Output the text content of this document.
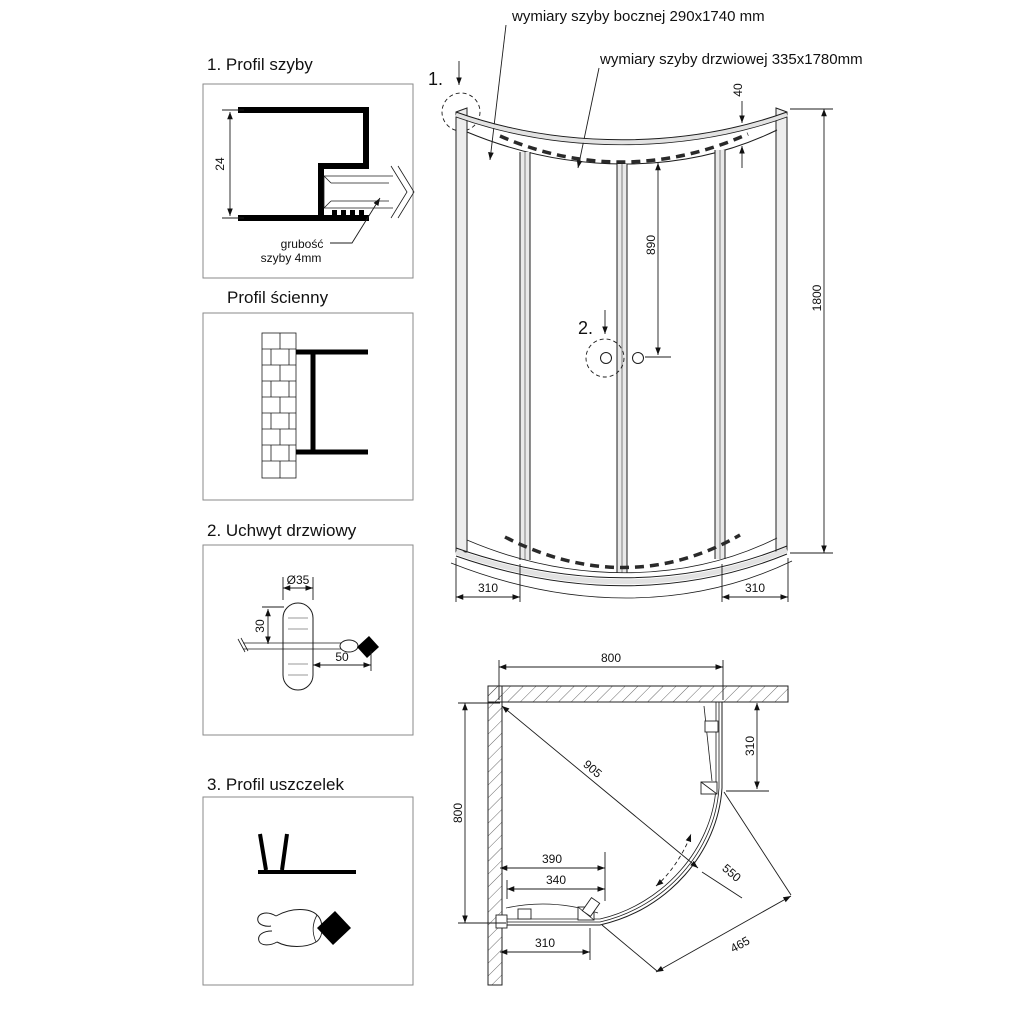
1. Profil szyby
24
grubość
szyby 4mm
Profil ścienny
2. Uchwyt drzwiowy
Ø35
30
50
3. Profil uszczelek
wymiary szyby bocznej 290x1740 mm
wymiary szyby drzwiowej 335x1780mm
1.
2.
890
40
1800
310	310
800
800
310
905
550
465
390
340
310
